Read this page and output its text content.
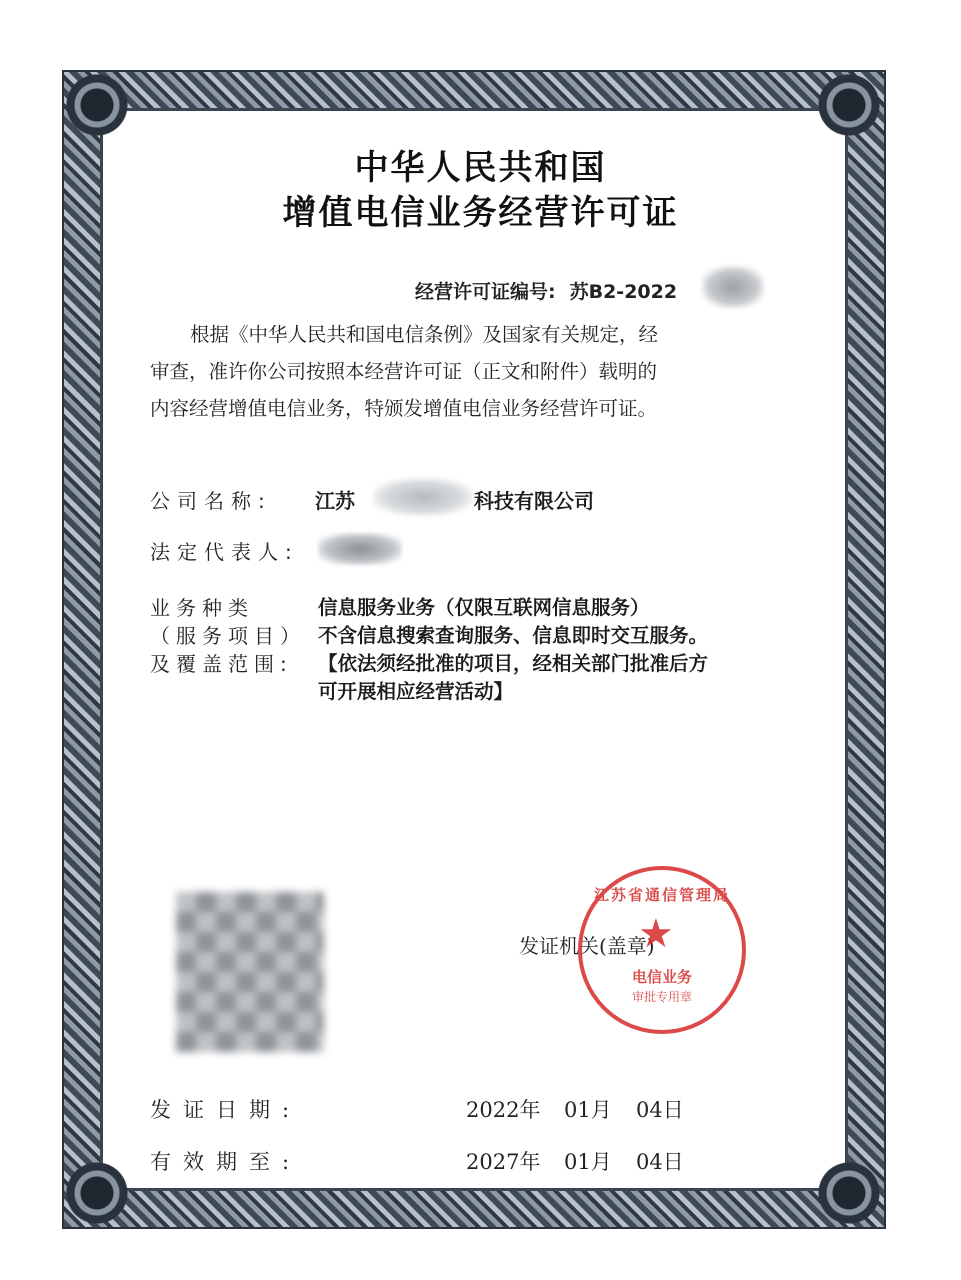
中华人民共和国
增值电信业务经营许可证
经营许可证编号: 苏B2-2022

根据《中华人民共和国电信条例》及国家有关规定，经

审查，准许你公司按照本经营许可证（正文和附件）载明的

内容经营增值电信业务，特颁发增值电信业务经营许可证。

公司名称: 江苏	科技有限公司
法定代表人:
业务种类
（服务项目）
及覆盖范围:
信息服务业务（仅限互联网信息服务）
不含信息搜索查询服务、信息即时交互服务。
【依法须经批准的项目，经相关部门批准后方
可开展相应经营活动】
发证机关(盖章)
江苏省通信管理局
★
电信业务
审批专用章
发证日期:	2022年 01月 04日
有效期至:	2027年 01月 04日
